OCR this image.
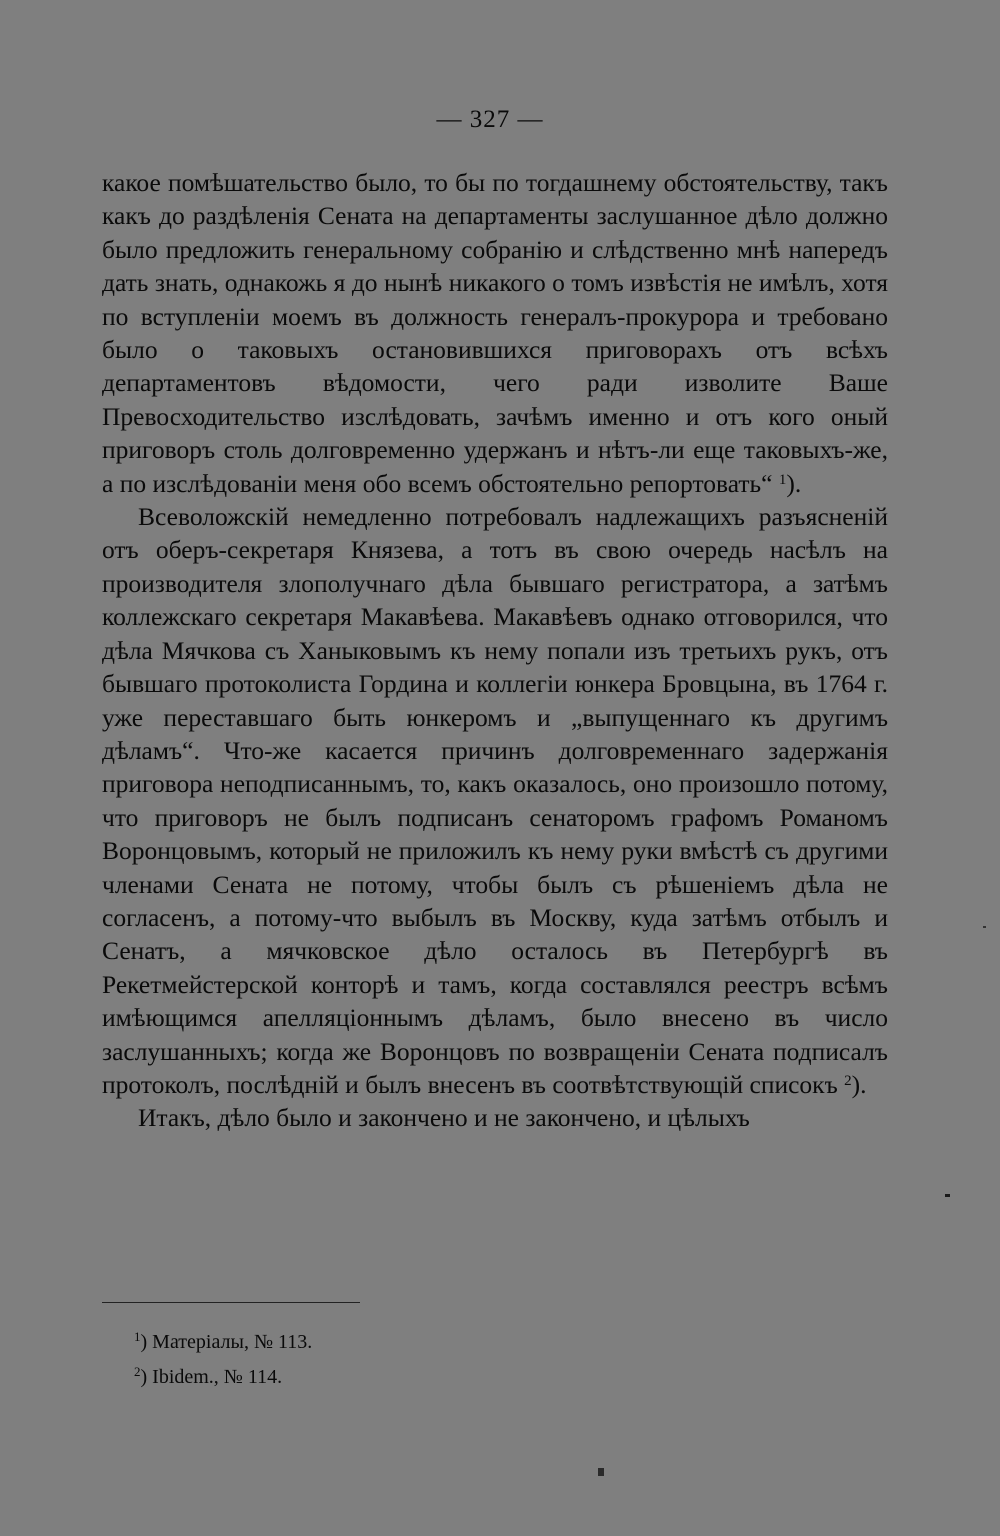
— 327 —

какое помѣшательство было, то бы по тогдашнему обстоятельству, такъ какъ до раздѣленія Сената на департаменты заслушанное дѣло должно было предложить генеральному собранію и слѣдственно мнѣ напередъ дать знать, однакожь я до нынѣ никакого о томъ извѣстія не имѣлъ, хотя по вступленіи моемъ въ должность генералъ-прокурора и требовано было о таковыхъ остановившихся приговорахъ отъ всѣхъ департаментовъ вѣдомости, чего ради изволите Ваше Превосходительство изслѣдовать, зачѣмъ именно и отъ кого оный приговоръ столь долговременно удержанъ и нѣтъ-ли еще таковыхъ-же, а по изслѣдованіи меня обо всемъ обстоятельно репортовать“ $^1$).

Всеволожскій немедленно потребовалъ надлежащихъ разъясненій отъ оберъ-секретаря Князева, а тотъ въ свою очередь насѣлъ на производителя злополучнаго дѣла бывшаго регистратора, а затѣмъ коллежскаго секретаря Макавѣева. Макавѣевъ однако отговорился, что дѣла Мячкова съ Ханыковымъ къ нему попали изъ третьихъ рукъ, отъ бывшаго протоколиста Гордина и коллегіи юнкера Бровцына, въ 1764 г. уже переставшаго быть юнкеромъ и „выпущеннаго къ другимъ дѣламъ“. Что-же касается причинъ долговременнаго задержанія приговора неподписаннымъ, то, какъ оказалось, оно произошло потому, что приговоръ не былъ подписанъ сенаторомъ графомъ Романомъ Воронцовымъ, который не приложилъ къ нему руки вмѣстѣ съ другими членами Сената не потому, чтобы былъ съ рѣшеніемъ дѣла не согласенъ, а потому-что выбылъ въ Москву, куда затѣмъ отбылъ и Сенатъ, а мячковское дѣло осталось въ Петербургѣ въ Рекетмейстерской конторѣ и тамъ, когда составлялся реестръ всѣмъ имѣющимся апелляціоннымъ дѣламъ, было внесено въ число заслушанныхъ; когда же Воронцовъ по возвращеніи Сената подписалъ протоколъ, послѣдній и былъ внесенъ въ соотвѣтствующій списокъ $^2$).

Итакъ, дѣло было и закончено и не закончено, и цѣлыхъ

$^1$) Матеріалы, № 113.
$^2$) Ibidem., № 114.
